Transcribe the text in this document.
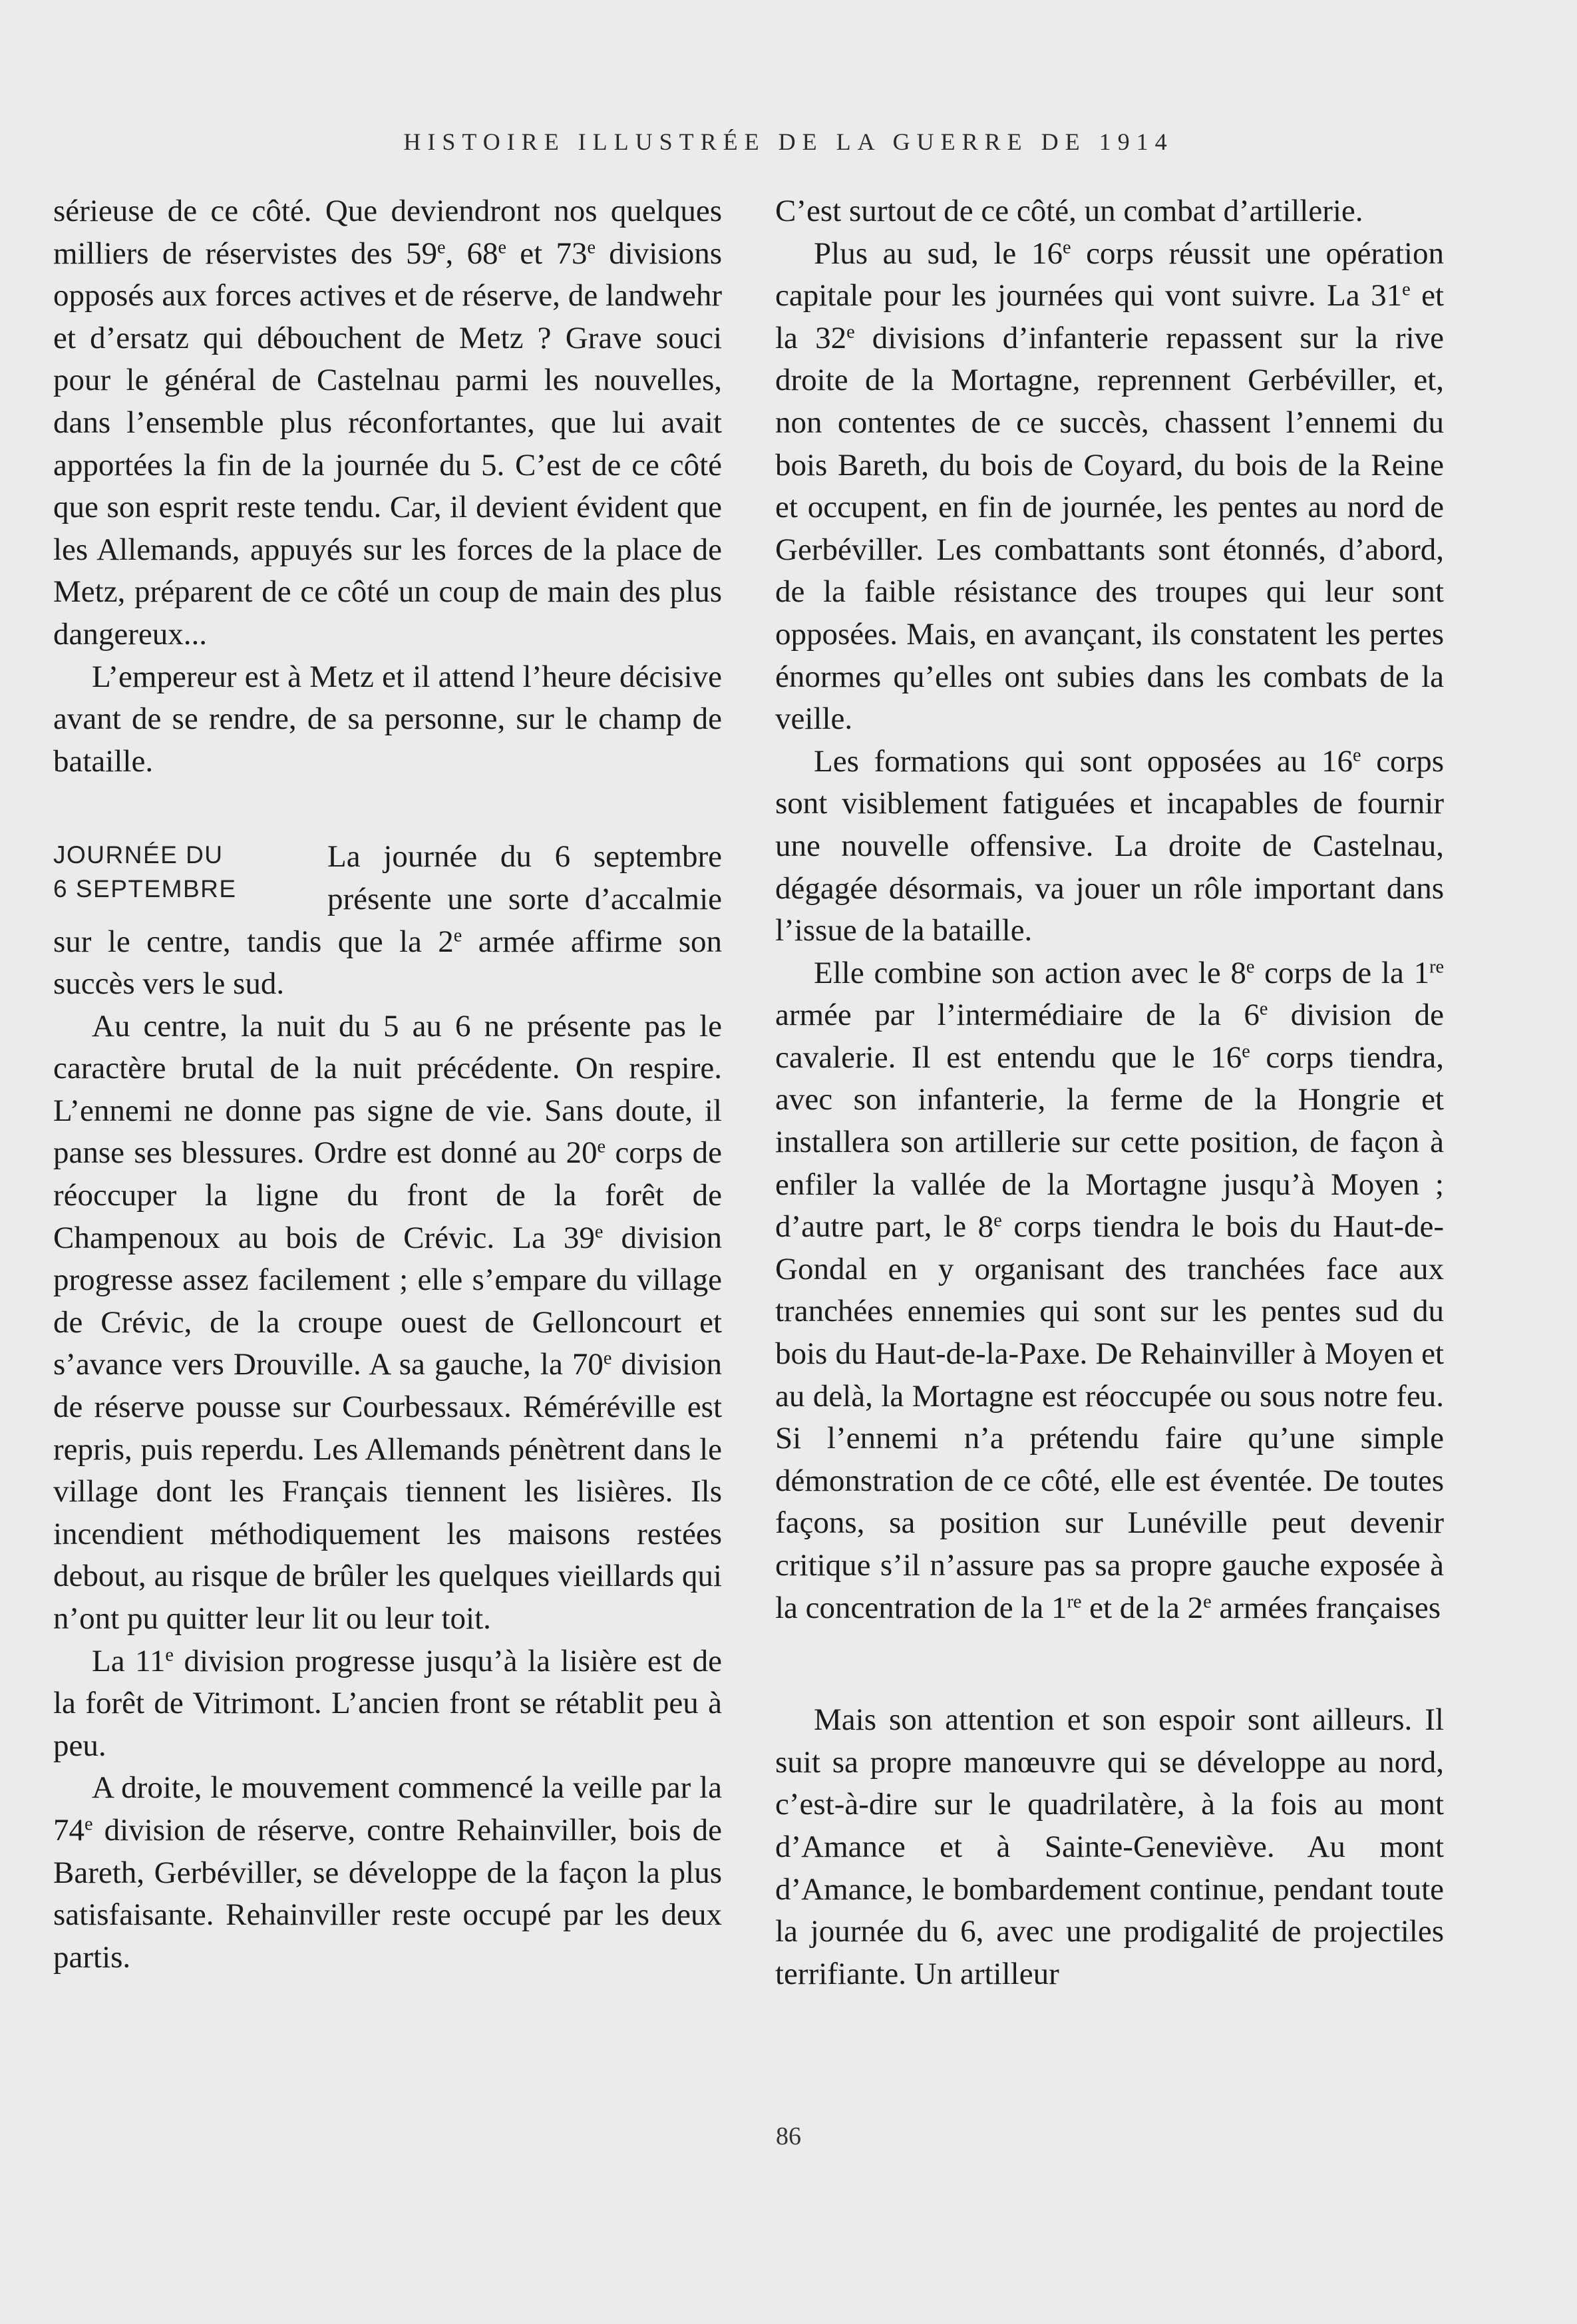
HISTOIRE ILLUSTRÉE DE LA GUERRE DE 1914

sérieuse de ce côté. Que deviendront nos quelques milliers de réservistes des 59e, 68e et 73e divisions opposés aux forces actives et de réserve, de landwehr et d’ersatz qui débouchent de Metz ? Grave souci pour le général de Castelnau parmi les nouvelles, dans l’ensemble plus réconfortantes, que lui avait apportées la fin de la journée du 5. C’est de ce côté que son esprit reste tendu. Car, il devient évident que les Allemands, appuyés sur les forces de la place de Metz, préparent de ce côté un coup de main des plus dangereux...

L’empereur est à Metz et il attend l’heure décisive avant de se rendre, de sa personne, sur le champ de bataille.

JOURNÉE DU
6 SEPTEMBRE

La journée du 6 septembre présente une sorte d’accalmie sur le centre, tandis que la 2e armée affirme son succès vers le sud.

Au centre, la nuit du 5 au 6 ne présente pas le caractère brutal de la nuit précédente. On respire. L’ennemi ne donne pas signe de vie. Sans doute, il panse ses blessures. Ordre est donné au 20e corps de réoccuper la ligne du front de la forêt de Champenoux au bois de Crévic. La 39e division progresse assez facilement ; elle s’empare du village de Crévic, de la croupe ouest de Gelloncourt et s’avance vers Drouville. A sa gauche, la 70e division de réserve pousse sur Courbessaux. Réméréville est repris, puis reperdu. Les Allemands pénètrent dans le village dont les Français tiennent les lisières. Ils incendient méthodiquement les maisons restées debout, au risque de brûler les quelques vieillards qui n’ont pu quitter leur lit ou leur toit.

La 11e division progresse jusqu’à la lisière est de la forêt de Vitrimont. L’ancien front se rétablit peu à peu.

A droite, le mouvement commencé la veille par la 74e division de réserve, contre Rehainviller, bois de Bareth, Gerbéviller, se développe de la façon la plus satisfaisante. Rehainviller reste occupé par les deux partis.

C’est surtout de ce côté, un combat d’artillerie.

Plus au sud, le 16e corps réussit une opération capitale pour les journées qui vont suivre. La 31e et la 32e divisions d’infanterie repassent sur la rive droite de la Mortagne, reprennent Gerbéviller, et, non contentes de ce succès, chassent l’ennemi du bois Bareth, du bois de Coyard, du bois de la Reine et occupent, en fin de journée, les pentes au nord de Gerbéviller. Les combattants sont étonnés, d’abord, de la faible résistance des troupes qui leur sont opposées. Mais, en avançant, ils constatent les pertes énormes qu’elles ont subies dans les combats de la veille.

Les formations qui sont opposées au 16e corps sont visiblement fatiguées et incapables de fournir une nouvelle offensive. La droite de Castelnau, dégagée désormais, va jouer un rôle important dans l’issue de la bataille.

Elle combine son action avec le 8e corps de la 1re armée par l’intermédiaire de la 6e division de cavalerie. Il est entendu que le 16e corps tiendra, avec son infanterie, la ferme de la Hongrie et installera son artillerie sur cette position, de façon à enfiler la vallée de la Mortagne jusqu’à Moyen ; d’autre part, le 8e corps tiendra le bois du Haut-de-Gondal en y organisant des tranchées face aux tranchées ennemies qui sont sur les pentes sud du bois du Haut-de-la-Paxe. De Rehainviller à Moyen et au delà, la Mortagne est réoccupée ou sous notre feu. Si l’ennemi n’a prétendu faire qu’une simple démonstration de ce côté, elle est éventée. De toutes façons, sa position sur Lunéville peut devenir critique s’il n’assure pas sa propre gauche exposée à la concentration de la 1re et de la 2e armées françaises

Mais son attention et son espoir sont ailleurs. Il suit sa propre manœuvre qui se développe au nord, c’est-à-dire sur le quadrilatère, à la fois au mont d’Amance et à Sainte-Geneviève. Au mont d’Amance, le bombardement continue, pendant toute la journée du 6, avec une prodigalité de projectiles terrifiante. Un artilleur

86
